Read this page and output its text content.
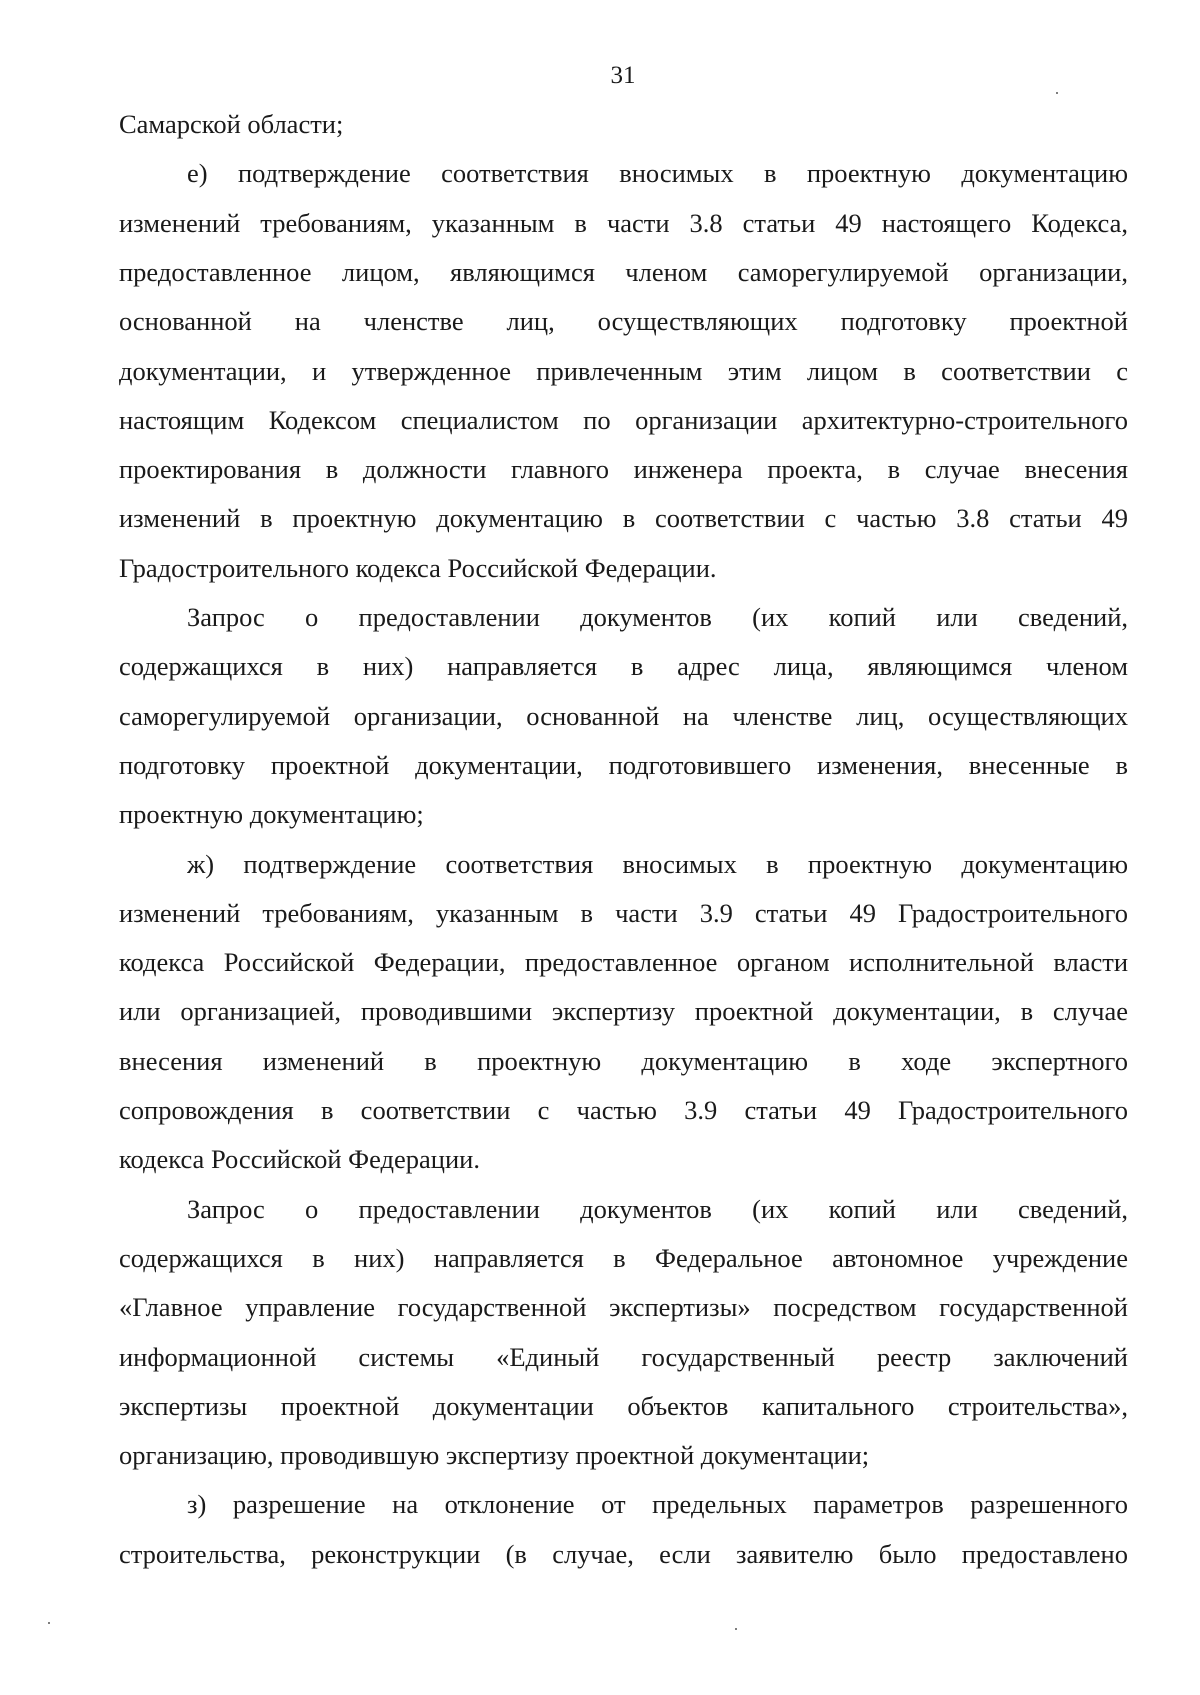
31
Самарской области;
е) подтверждение соответствия вносимых в проектную документацию
изменений требованиям, указанным в части 3.8 статьи 49 настоящего Кодекса,
предоставленное лицом, являющимся членом саморегулируемой организации,
основанной на членстве лиц, осуществляющих подготовку проектной
документации, и утвержденное привлеченным этим лицом в соответствии с
настоящим Кодексом специалистом по организации архитектурно-строительного
проектирования в должности главного инженера проекта, в случае внесения
изменений в проектную документацию в соответствии с частью 3.8 статьи 49
Градостроительного кодекса Российской Федерации.
Запрос о предоставлении документов (их копий или сведений,
содержащихся в них) направляется в адрес лица, являющимся членом
саморегулируемой организации, основанной на членстве лиц, осуществляющих
подготовку проектной документации, подготовившего изменения, внесенные в
проектную документацию;
ж) подтверждение соответствия вносимых в проектную документацию
изменений требованиям, указанным в части 3.9 статьи 49 Градостроительного
кодекса Российской Федерации, предоставленное органом исполнительной власти
или организацией, проводившими экспертизу проектной документации, в случае
внесения изменений в проектную документацию в ходе экспертного
сопровождения в соответствии с частью 3.9 статьи 49 Градостроительного
кодекса Российской Федерации.
Запрос о предоставлении документов (их копий или сведений,
содержащихся в них) направляется в Федеральное автономное учреждение
«Главное управление государственной экспертизы» посредством государственной
информационной системы «Единый государственный реестр заключений
экспертизы проектной документации объектов капитального строительства»,
организацию, проводившую экспертизу проектной документации;
з) разрешение на отклонение от предельных параметров разрешенного
строительства, реконструкции (в случае, если заявителю было предоставлено
